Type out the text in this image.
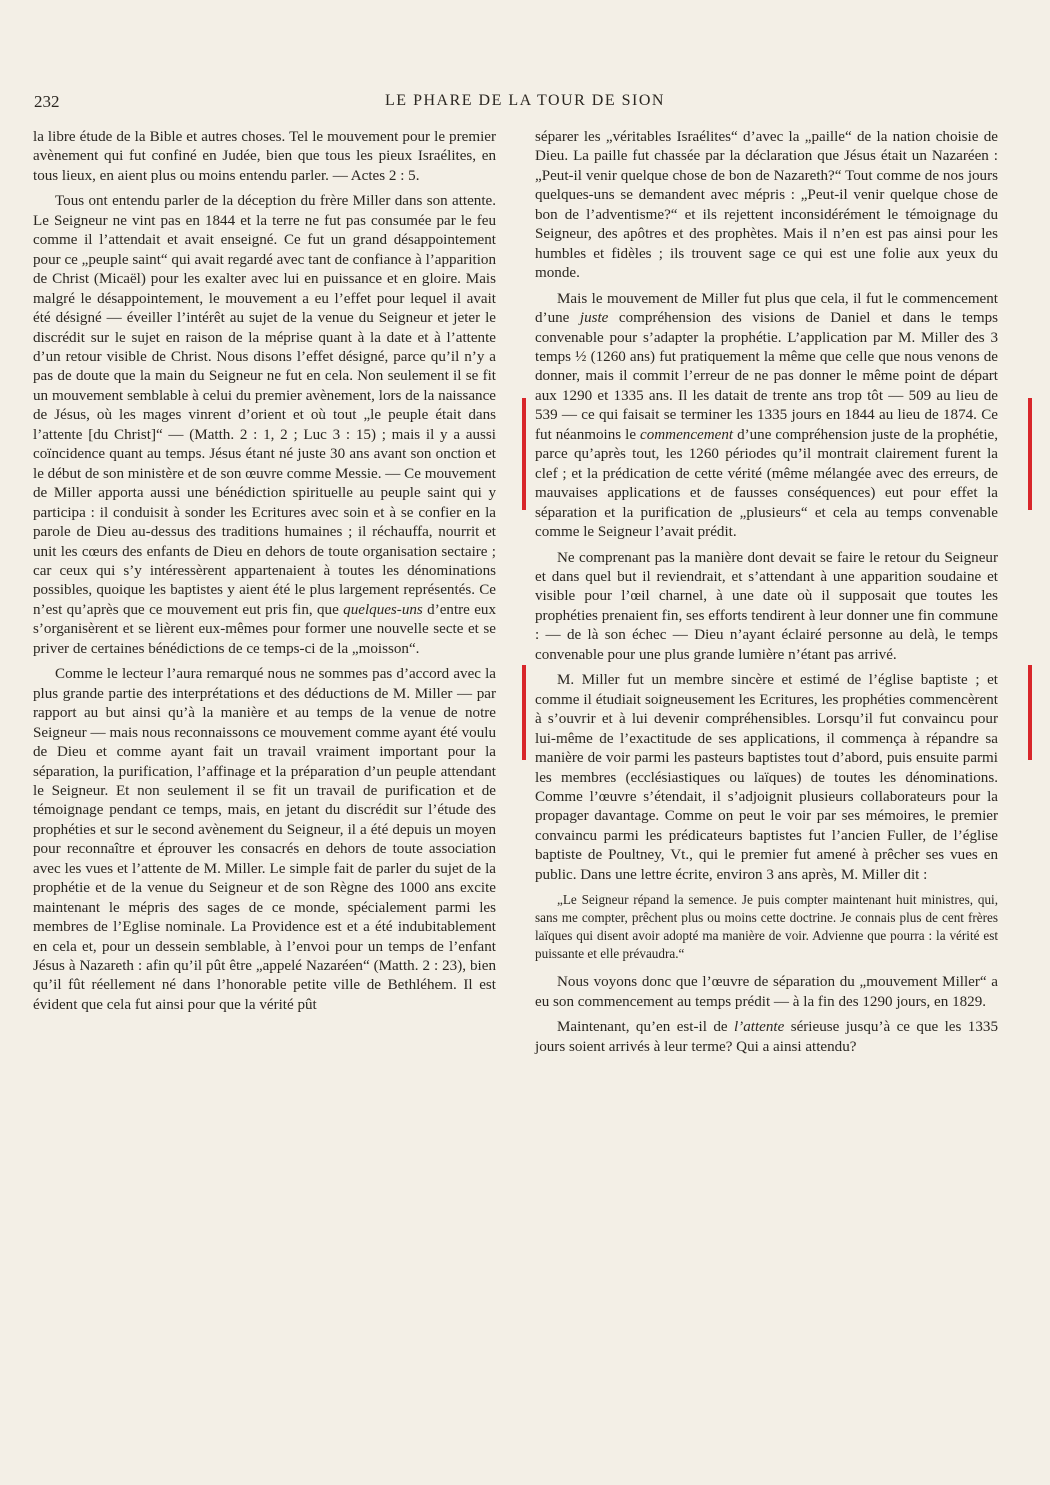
232	LE PHARE DE LA TOUR DE SION

la libre étude de la Bible et autres choses. Tel le mouvement pour le premier avènement qui fut confiné en Judée, bien que tous les pieux Israélites, en tous lieux, en aient plus ou moins entendu parler. — Actes 2 : 5.

Tous ont entendu parler de la déception du frère Miller dans son attente. Le Seigneur ne vint pas en 1844 et la terre ne fut pas consumée par le feu comme il l’attendait et avait enseigné. Ce fut un grand désappointement pour ce „peuple saint“ qui avait regardé avec tant de confiance à l’apparition de Christ (Micaël) pour les exalter avec lui en puissance et en gloire. Mais malgré le désappointement, le mouvement a eu l’effet pour lequel il avait été désigné — éveiller l’intérêt au sujet de la venue du Seigneur et jeter le discrédit sur le sujet en raison de la méprise quant à la date et à l’attente d’un retour visible de Christ. Nous disons l’effet désigné, parce qu’il n’y a pas de doute que la main du Seigneur ne fut en cela. Non seulement il se fit un mouvement semblable à celui du premier avènement, lors de la naissance de Jésus, où les mages vinrent d’orient et où tout „le peuple était dans l’attente [du Christ]“ — (Matth. 2 : 1, 2 ; Luc 3 : 15) ; mais il y a aussi coïncidence quant au temps. Jésus étant né juste 30 ans avant son onction et le début de son ministère et de son œuvre comme Messie. — Ce mouvement de Miller apporta aussi une bénédiction spirituelle au peuple saint qui y participa : il conduisit à sonder les Ecritures avec soin et à se confier en la parole de Dieu au-dessus des traditions humaines ; il réchauffa, nourrit et unit les cœurs des enfants de Dieu en dehors de toute organisation sectaire ; car ceux qui s’y intéressèrent appartenaient à toutes les dénominations possibles, quoique les baptistes y aient été le plus largement représentés. Ce n’est qu’après que ce mouvement eut pris fin, que quelques-uns d’entre eux s’organisèrent et se lièrent eux-mêmes pour former une nouvelle secte et se priver de certaines bénédictions de ce temps-ci de la „moisson“.

Comme le lecteur l’aura remarqué nous ne sommes pas d’accord avec la plus grande partie des interprétations et des déductions de M. Miller — par rapport au but ainsi qu’à la manière et au temps de la venue de notre Seigneur — mais nous reconnaissons ce mouvement comme ayant été voulu de Dieu et comme ayant fait un travail vraiment important pour la séparation, la purification, l’affinage et la préparation d’un peuple attendant le Seigneur. Et non seulement il se fit un travail de purification et de témoignage pendant ce temps, mais, en jetant du discrédit sur l’étude des prophéties et sur le second avènement du Seigneur, il a été depuis un moyen pour reconnaître et éprouver les consacrés en dehors de toute association avec les vues et l’attente de M. Miller. Le simple fait de parler du sujet de la prophétie et de la venue du Seigneur et de son Règne des 1000 ans excite maintenant le mépris des sages de ce monde, spécialement parmi les membres de l’Eglise nominale. La Providence est et a été indubitablement en cela et, pour un dessein semblable, à l’envoi pour un temps de l’enfant Jésus à Nazareth : afin qu’il pût être „appelé Nazaréen“ (Matth. 2 : 23), bien qu’il fût réellement né dans l’honorable petite ville de Bethléhem. Il est évident que cela fut ainsi pour que la vérité pût

séparer les „véritables Israélites“ d’avec la „paille“ de la nation choisie de Dieu. La paille fut chassée par la déclaration que Jésus était un Nazaréen : „Peut-il venir quelque chose de bon de Nazareth?“ Tout comme de nos jours quelques-uns se demandent avec mépris : „Peut-il venir quelque chose de bon de l’adventisme?“ et ils rejettent inconsidérément le témoignage du Seigneur, des apôtres et des prophètes. Mais il n’en est pas ainsi pour les humbles et fidèles ; ils trouvent sage ce qui est une folie aux yeux du monde.

Mais le mouvement de Miller fut plus que cela, il fut le commencement d’une juste compréhension des visions de Daniel et dans le temps convenable pour s’adapter la prophétie. L’application par M. Miller des 3 temps ½ (1260 ans) fut pratiquement la même que celle que nous venons de donner, mais il commit l’erreur de ne pas donner le même point de départ aux 1290 et 1335 ans. Il les datait de trente ans trop tôt — 509 au lieu de 539 — ce qui faisait se terminer les 1335 jours en 1844 au lieu de 1874. Ce fut néanmoins le commencement d’une compréhension juste de la prophétie, parce qu’après tout, les 1260 périodes qu’il montrait clairement furent la clef ; et la prédication de cette vérité (même mélangée avec des erreurs, de mauvaises applications et de fausses conséquences) eut pour effet la séparation et la purification de „plusieurs“ et cela au temps convenable comme le Seigneur l’avait prédit.

Ne comprenant pas la manière dont devait se faire le retour du Seigneur et dans quel but il reviendrait, et s’attendant à une apparition soudaine et visible pour l’œil charnel, à une date où il supposait que toutes les prophéties prenaient fin, ses efforts tendirent à leur donner une fin commune : — de là son échec — Dieu n’ayant éclairé personne au delà, le temps convenable pour une plus grande lumière n’étant pas arrivé.

M. Miller fut un membre sincère et estimé de l’église baptiste ; et comme il étudiait soigneusement les Ecritures, les prophéties commencèrent à s’ouvrir et à lui devenir compréhensibles. Lorsqu’il fut convaincu pour lui-même de l’exactitude de ses applications, il commença à répandre sa manière de voir parmi les pasteurs baptistes tout d’abord, puis ensuite parmi les membres (ecclésiastiques ou laïques) de toutes les dénominations. Comme l’œuvre s’étendait, il s’adjoignit plusieurs collaborateurs pour la propager davantage. Comme on peut le voir par ses mémoires, le premier convaincu parmi les prédicateurs baptistes fut l’ancien Fuller, de l’église baptiste de Poultney, Vt., qui le premier fut amené à prêcher ses vues en public. Dans une lettre écrite, environ 3 ans après, M. Miller dit :

„Le Seigneur répand la semence. Je puis compter maintenant huit ministres, qui, sans me compter, prêchent plus ou moins cette doctrine. Je connais plus de cent frères laïques qui disent avoir adopté ma manière de voir. Advienne que pourra : la vérité est puissante et elle prévaudra.“

Nous voyons donc que l’œuvre de séparation du „mouvement Miller“ a eu son commencement au temps prédit — à la fin des 1290 jours, en 1829.

Maintenant, qu’en est-il de l’attente sérieuse jusqu’à ce que les 1335 jours soient arrivés à leur terme? Qui a ainsi attendu?
